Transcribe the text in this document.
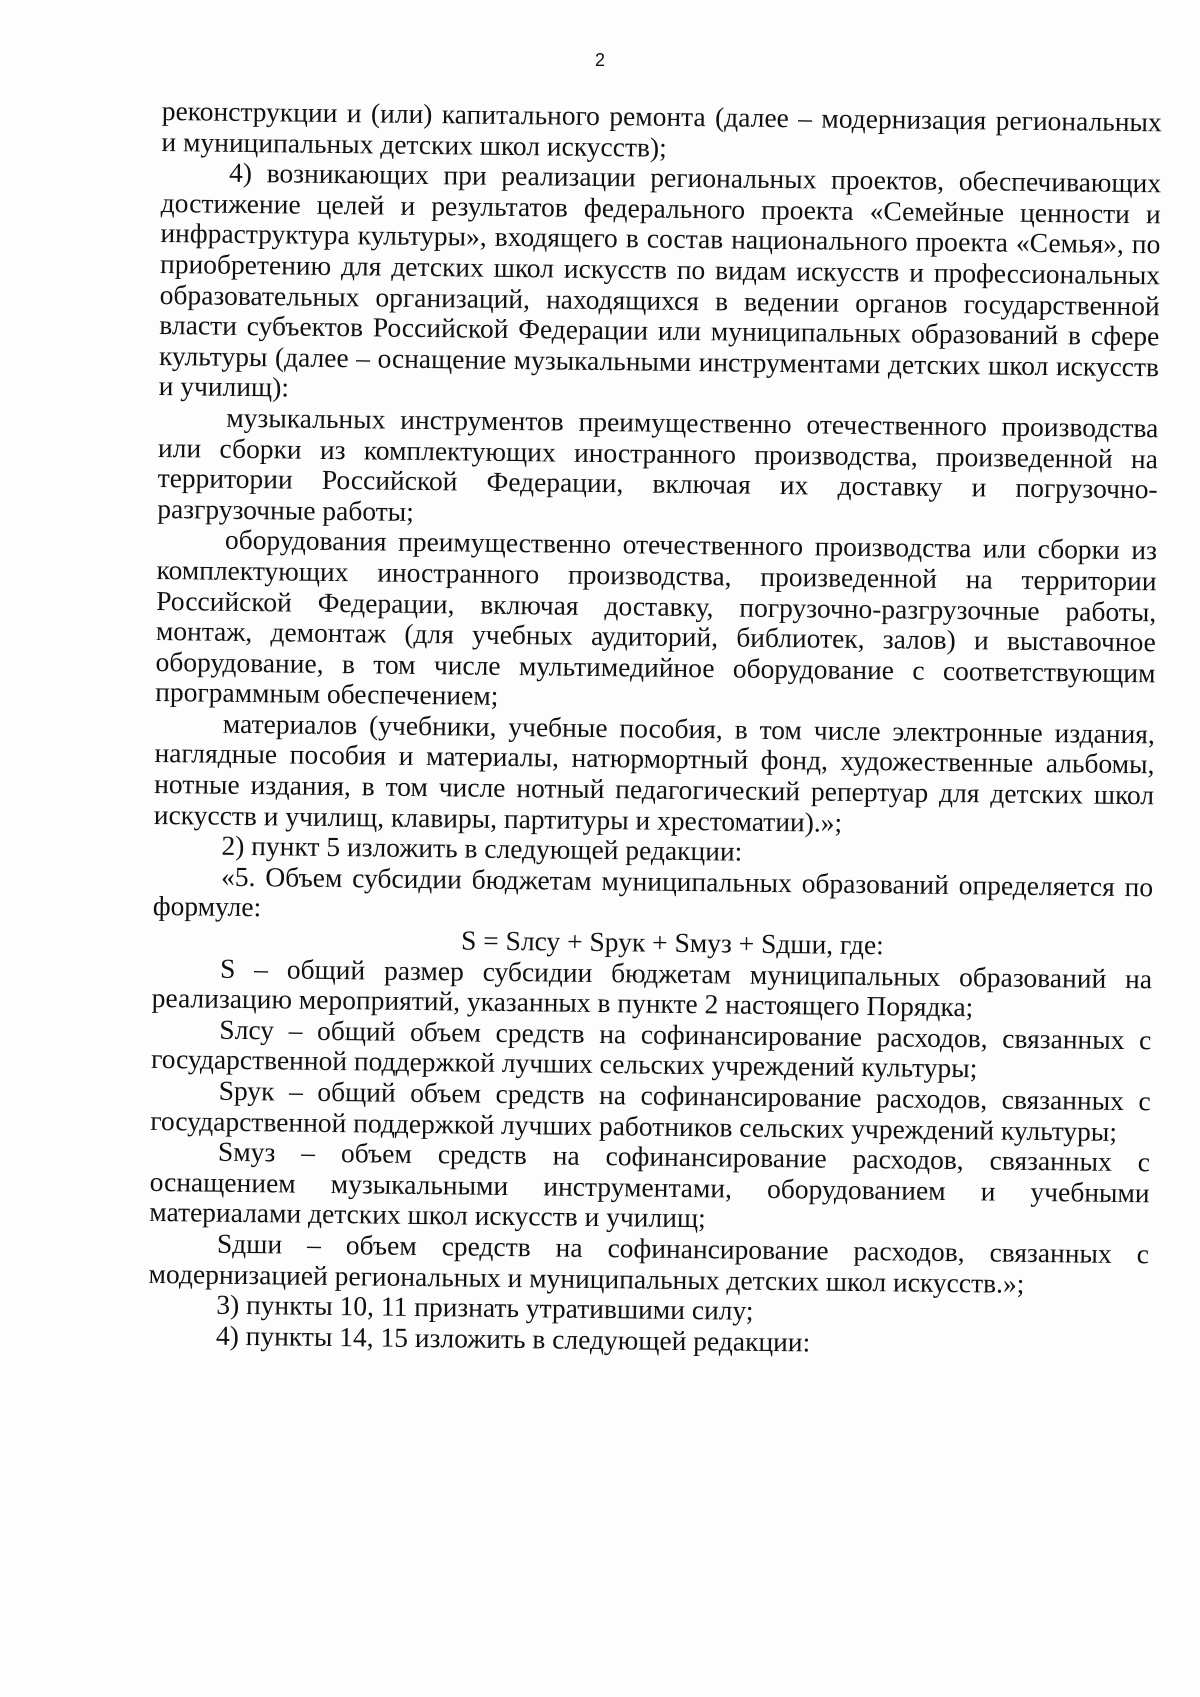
2

реконструкции и (или) капитального ремонта (далее – модернизация региональных и муниципальных детских школ искусств);

4) возникающих при реализации региональных проектов, обеспечивающих достижение целей и результатов федерального проекта «Семейные ценности и инфраструктура культуры», входящего в состав национального проекта «Семья», по приобретению для детских школ искусств по видам искусств и профессиональных образовательных организаций, находящихся в ведении органов государственной власти субъектов Российской Федерации или муниципальных образований в сфере культуры (далее – оснащение музыкальными инструментами детских школ искусств и училищ):

музыкальных инструментов преимущественно отечественного производства или сборки из комплектующих иностранного производства, произведенной на территории Российской Федерации, включая их доставку и погрузочно-разгрузочные работы;

оборудования преимущественно отечественного производства или сборки из комплектующих иностранного производства, произведенной на территории Российской Федерации, включая доставку, погрузочно-разгрузочные работы, монтаж, демонтаж (для учебных аудиторий, библиотек, залов) и выставочное оборудование, в том числе мультимедийное оборудование с соответствующим программным обеспечением;

материалов (учебники, учебные пособия, в том числе электронные издания, наглядные пособия и материалы, натюрмортный фонд, художественные альбомы, нотные издания, в том числе нотный педагогический репертуар для детских школ искусств и училищ, клавиры, партитуры и хрестоматии).»;

2) пункт 5 изложить в следующей редакции:

«5. Объем субсидии бюджетам муниципальных образований определяется по формуле:

S = Sлсу + Sрук + Sмуз + Sдши, где:

S – общий размер субсидии бюджетам муниципальных образований на реализацию мероприятий, указанных в пункте 2 настоящего Порядка;

Sлсу – общий объем средств на софинансирование расходов, связанных с государственной поддержкой лучших сельских учреждений культуры;

Sрук – общий объем средств на софинансирование расходов, связанных с государственной поддержкой лучших работников сельских учреждений культуры;

Sмуз – объем средств на софинансирование расходов, связанных с оснащением музыкальными инструментами, оборудованием и учебными материалами детских школ искусств и училищ;

Sдши – объем средств на софинансирование расходов, связанных с модернизацией региональных и муниципальных детских школ искусств.»;

3) пункты 10, 11 признать утратившими силу;

4) пункты 14, 15 изложить в следующей редакции:
